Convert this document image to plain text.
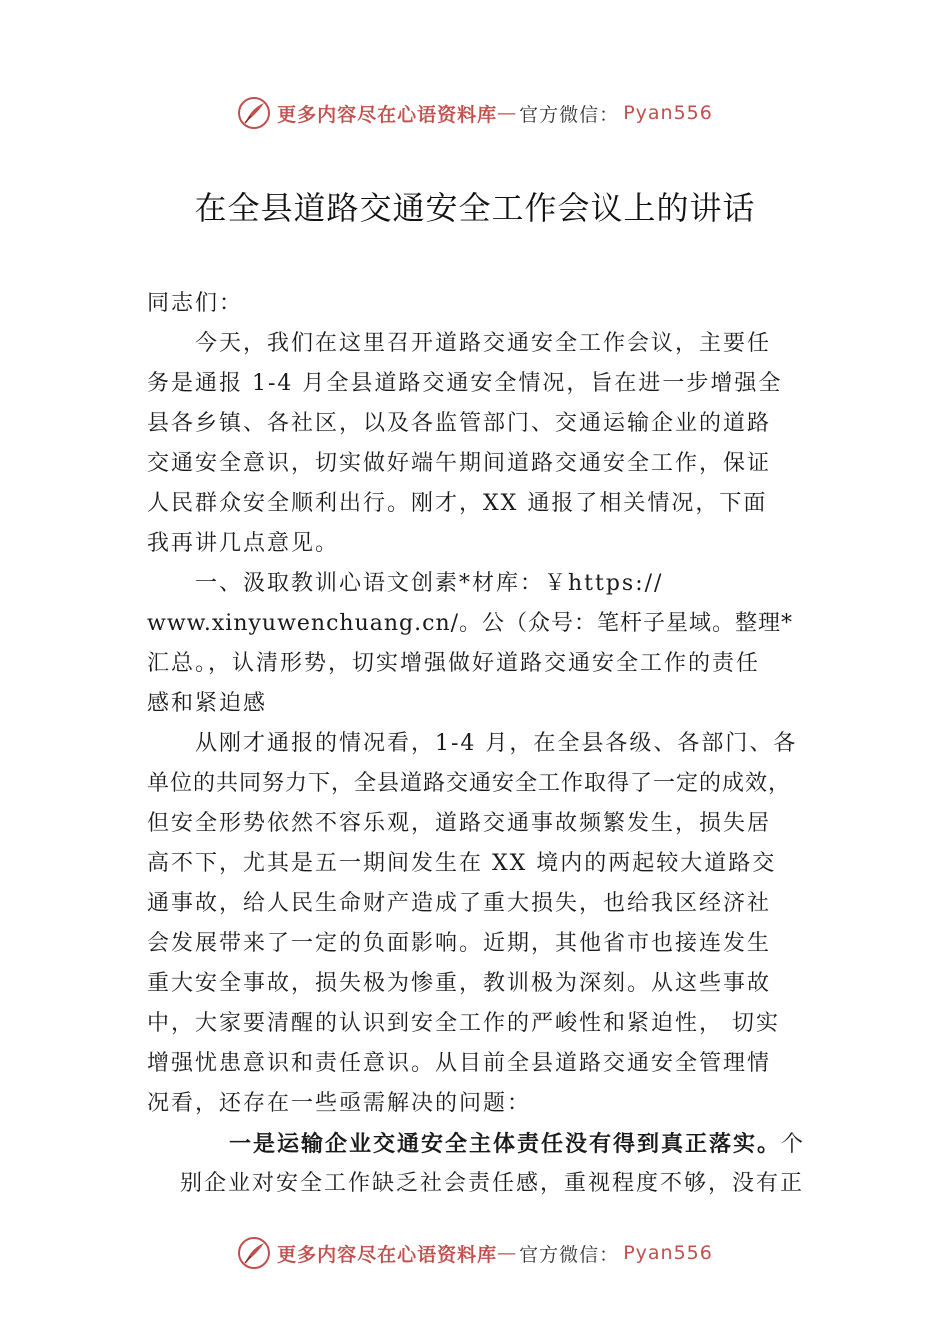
更多内容尽在心语资料库 — 官方微信： Pyan556
在全县道路交通安全工作会议上的讲话
同志们：
今天，我们在这里召开道路交通安全工作会议，主要任
务是通报 1-4 月全县道路交通安全情况，旨在进一步增强全
县各乡镇、各社区，以及各监管部门、交通运输企业的道路
交通安全意识，切实做好端午期间道路交通安全工作，保证
人民群众安全顺利出行。刚才，XX 通报了相关情况，下面
我再讲几点意见。
一、汲取教训心语文创素*材库：￥https://
www.xinyuwenchuang.cn/。公（众号：笔杆子星域。整理*
汇总。，认清形势，切实增强做好道路交通安全工作的责任
感和紧迫感
从刚才通报的情况看，1-4 月，在全县各级、各部门、各
单位的共同努力下，全县道路交通安全工作取得了一定的成效，
但安全形势依然不容乐观，道路交通事故频繁发生，损失居
高不下，尤其是五一期间发生在 XX 境内的两起较大道路交
通事故，给人民生命财产造成了重大损失，也给我区经济社
会发展带来了一定的负面影响。近期，其他省市也接连发生
重大安全事故，损失极为惨重，教训极为深刻。从这些事故
中，大家要清醒的认识到安全工作的严峻性和紧迫性， 切实
增强忧患意识和责任意识。从目前全县道路交通安全管理情
况看，还存在一些亟需解决的问题：
一是运输企业交通安全主体责任没有得到真正落实。个
别企业对安全工作缺乏社会责任感，重视程度不够，没有正
更多内容尽在心语资料库 — 官方微信： Pyan556
